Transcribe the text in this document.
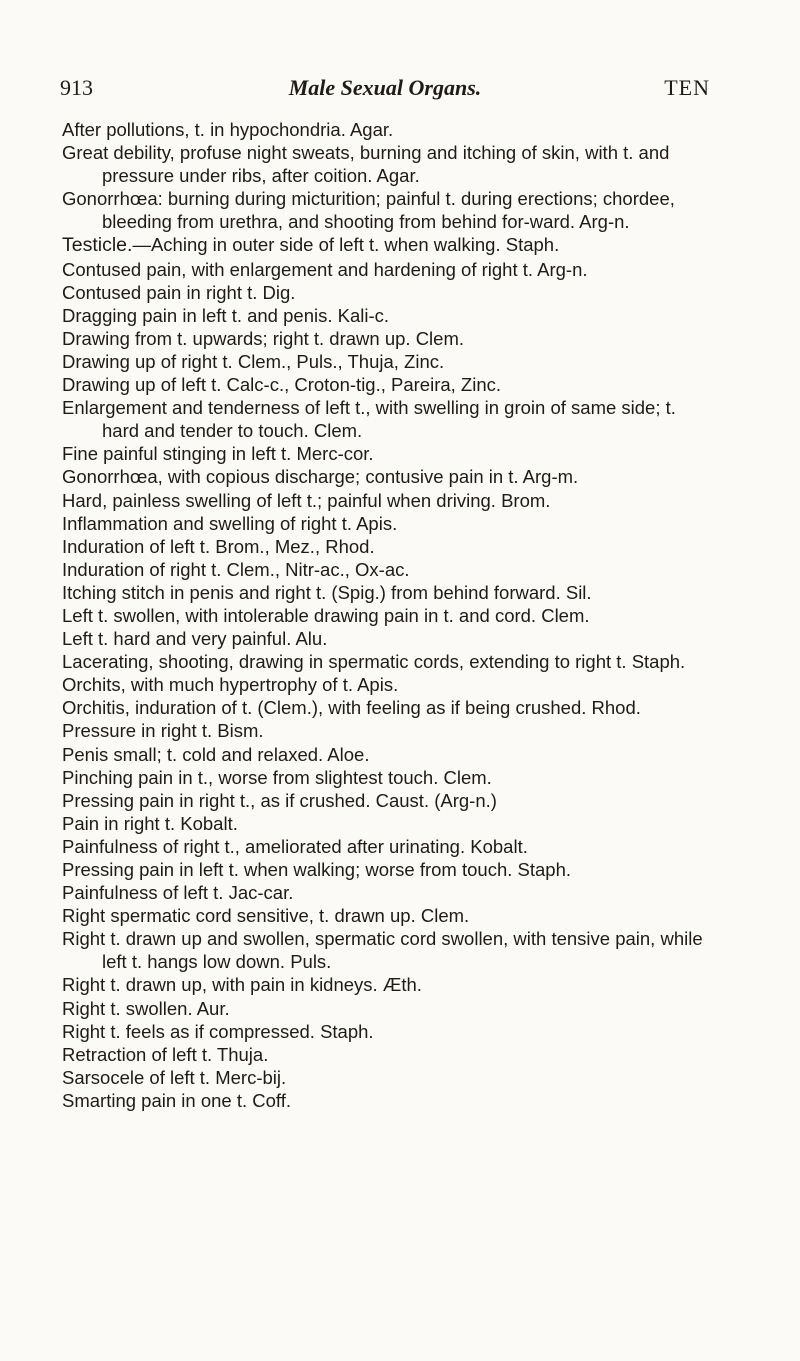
913	Male Sexual Organs.	TEN

After pollutions, t. in hypochondria. Agar.

Great debility, profuse night sweats, burning and itching of skin, with t. and pressure under ribs, after coition. Agar.

Gonorrhœa: burning during micturition; painful t. during erections; chordee, bleeding from urethra, and shooting from behind for-ward. Arg-n.

Testicle.—Aching in outer side of left t. when walking. Staph.

Contused pain, with enlargement and hardening of right t. Arg-n.

Contused pain in right t. Dig.

Dragging pain in left t. and penis. Kali-c.

Drawing from t. upwards; right t. drawn up. Clem.

Drawing up of right t. Clem., Puls., Thuja, Zinc.

Drawing up of left t. Calc-c., Croton-tig., Pareira, Zinc.

Enlargement and tenderness of left t., with swelling in groin of same side; t. hard and tender to touch. Clem.

Fine painful stinging in left t. Merc-cor.

Gonorrhœa, with copious discharge; contusive pain in t. Arg-m.

Hard, painless swelling of left t.; painful when driving. Brom.

Inflammation and swelling of right t. Apis.

Induration of left t. Brom., Mez., Rhod.

Induration of right t. Clem., Nitr-ac., Ox-ac.

Itching stitch in penis and right t. (Spig.) from behind forward. Sil.

Left t. swollen, with intolerable drawing pain in t. and cord. Clem.

Left t. hard and very painful. Alu.

Lacerating, shooting, drawing in spermatic cords, extending to right t. Staph.

Orchits, with much hypertrophy of t. Apis.

Orchitis, induration of t. (Clem.), with feeling as if being crushed. Rhod.

Pressure in right t. Bism.

Penis small; t. cold and relaxed. Aloe.

Pinching pain in t., worse from slightest touch. Clem.

Pressing pain in right t., as if crushed. Caust. (Arg-n.)

Pain in right t. Kobalt.

Painfulness of right t., ameliorated after urinating. Kobalt.

Pressing pain in left t. when walking; worse from touch. Staph.

Painfulness of left t. Jac-car.

Right spermatic cord sensitive, t. drawn up. Clem.

Right t. drawn up and swollen, spermatic cord swollen, with tensive pain, while left t. hangs low down. Puls.

Right t. drawn up, with pain in kidneys. Æth.

Right t. swollen. Aur.

Right t. feels as if compressed. Staph.

Retraction of left t. Thuja.

Sarsocele of left t. Merc-bij.

Smarting pain in one t. Coff.
